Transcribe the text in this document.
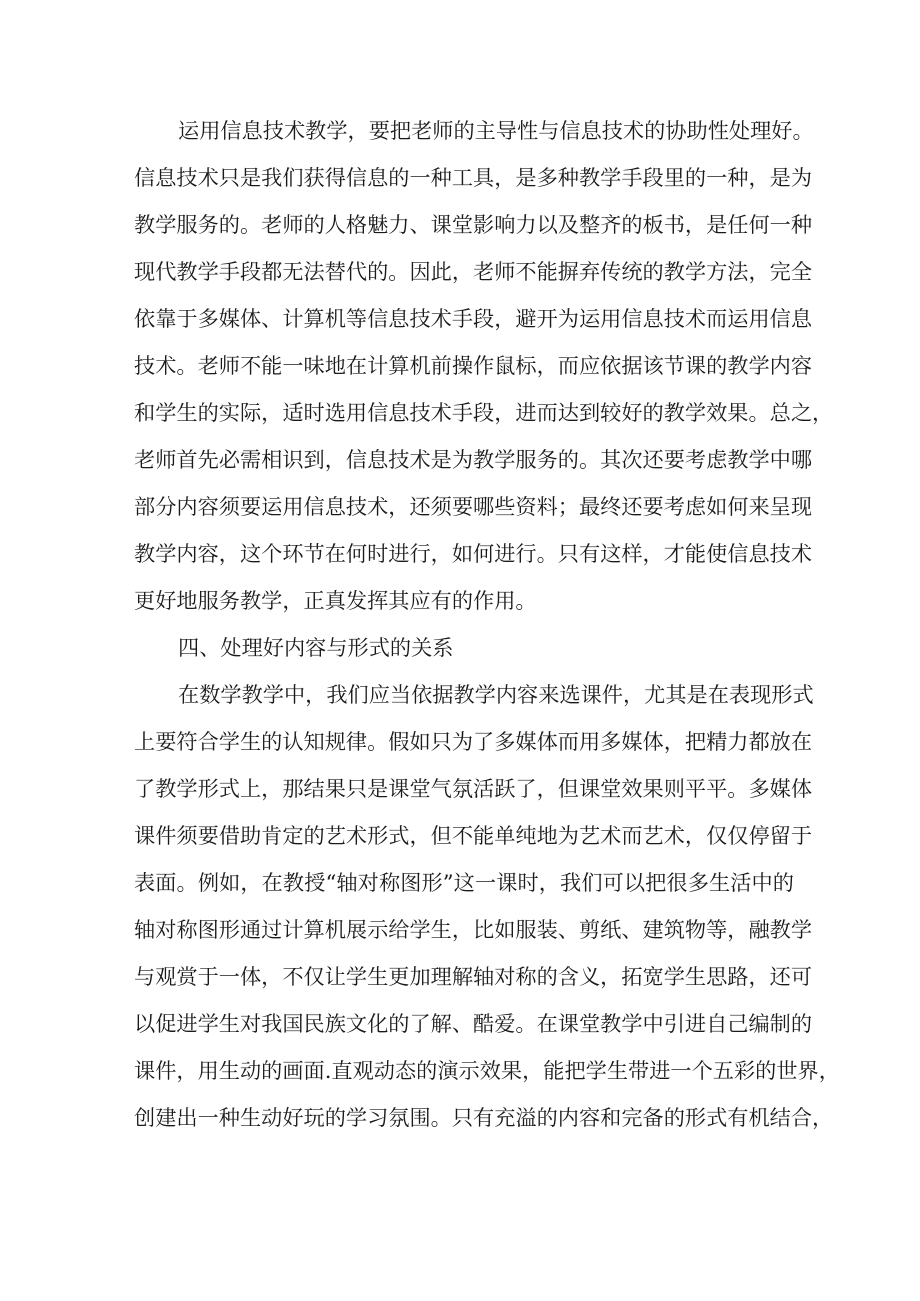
运用信息技术教学，要把老师的主导性与信息技术的协助性处理好。
信息技术只是我们获得信息的一种工具，是多种教学手段里的一种，是为
教学服务的。老师的人格魅力、课堂影响力以及整齐的板书，是任何一种
现代教学手段都无法替代的。因此，老师不能摒弃传统的教学方法，完全
依靠于多媒体、计算机等信息技术手段，避开为运用信息技术而运用信息
技术。老师不能一味地在计算机前操作鼠标，而应依据该节课的教学内容
和学生的实际，适时选用信息技术手段，进而达到较好的教学效果。总之，
老师首先必需相识到，信息技术是为教学服务的。其次还要考虑教学中哪
部分内容须要运用信息技术，还须要哪些资料；最终还要考虑如何来呈现
教学内容，这个环节在何时进行，如何进行。只有这样，才能使信息技术
更好地服务教学，正真发挥其应有的作用。
四、处理好内容与形式的关系
在数学教学中，我们应当依据教学内容来选课件，尤其是在表现形式
上要符合学生的认知规律。假如只为了多媒体而用多媒体，把精力都放在
了教学形式上，那结果只是课堂气氛活跃了，但课堂效果则平平。多媒体
课件须要借助肯定的艺术形式，但不能单纯地为艺术而艺术，仅仅停留于
表面。例如，在教授“轴对称图形”这一课时，我们可以把很多生活中的
轴对称图形通过计算机展示给学生，比如服装、剪纸、建筑物等，融教学
与观赏于一体，不仅让学生更加理解轴对称的含义，拓宽学生思路，还可
以促进学生对我国民族文化的了解、酷爱。在课堂教学中引进自己编制的
课件，用生动的画面.直观动态的演示效果，能把学生带进一个五彩的世界，
创建出一种生动好玩的学习氛围。只有充溢的内容和完备的形式有机结合，
